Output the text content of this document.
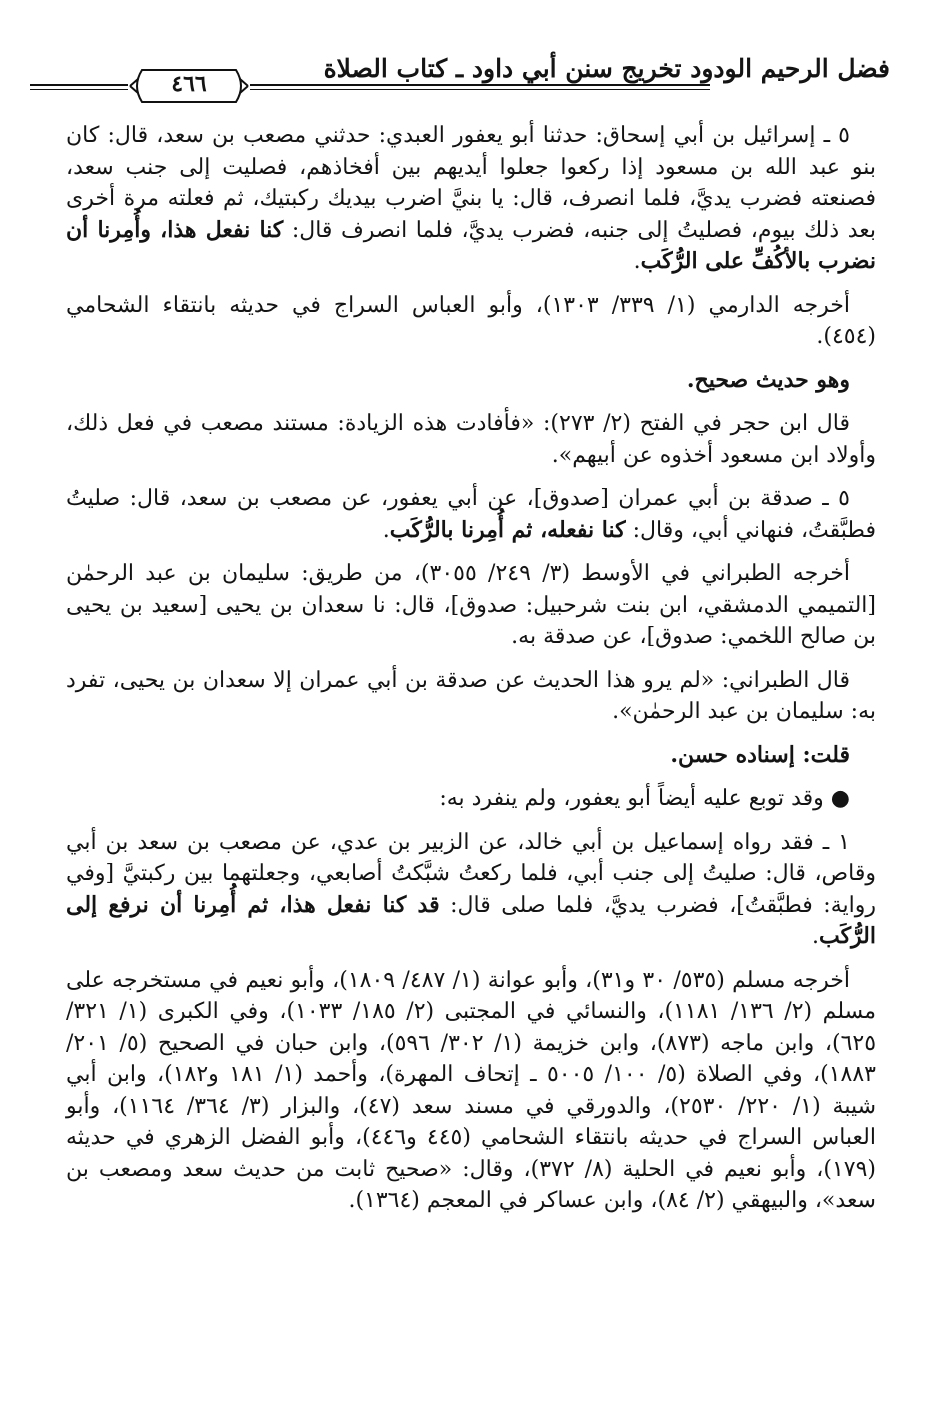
فضل الرحيم الودود تخريج سنن أبي داود ـ كتاب الصلاة
٤٦٦

٥ ـ إسرائيل بن أبي إسحاق: حدثنا أبو يعفور العبدي: حدثني مصعب بن سعد، قال: كان بنو عبد الله بن مسعود إذا ركعوا جعلوا أيديهم بين أفخاذهم، فصليت إلى جنب سعد، فصنعته فضرب يديَّ، فلما انصرف، قال: يا بنيَّ اضرب بيديك ركبتيك، ثم فعلته مرة أخرى بعد ذلك بيوم، فصليتُ إلى جنبه، فضرب يديَّ، فلما انصرف قال: كنا نفعل هذا، وأُمِرنا أن نضرب بالأكُفِّ على الرُّكَب.

أخرجه الدارمي (١/ ٣٣٩/ ١٣٠٣)، وأبو العباس السراج في حديثه بانتقاء الشحامي (٤٥٤).

وهو حديث صحيح.

قال ابن حجر في الفتح (٢/ ٢٧٣): «فأفادت هذه الزيادة: مستند مصعب في فعل ذلك، وأولاد ابن مسعود أخذوه عن أبيهم».

٥ ـ صدقة بن أبي عمران [صدوق]، عن أبي يعفور، عن مصعب بن سعد، قال: صليتُ فطبَّقتُ، فنهاني أبي، وقال: كنا نفعله، ثم أُمِرنا بالرُّكَب.

أخرجه الطبراني في الأوسط (٣/ ٢٤٩/ ٣٠٥٥)، من طريق: سليمان بن عبد الرحمٰن [التميمي الدمشقي، ابن بنت شرحبيل: صدوق]، قال: نا سعدان بن يحيى [سعيد بن يحيى بن صالح اللخمي: صدوق]، عن صدقة به.

قال الطبراني: «لم يرو هذا الحديث عن صدقة بن أبي عمران إلا سعدان بن يحيى، تفرد به: سليمان بن عبد الرحمٰن».

قلت: إسناده حسن.

● وقد توبع عليه أيضاً أبو يعفور، ولم ينفرد به:

١ ـ فقد رواه إسماعيل بن أبي خالد، عن الزبير بن عدي، عن مصعب بن سعد بن أبي وقاص، قال: صليتُ إلى جنب أبي، فلما ركعتُ شبَّكتُ أصابعي، وجعلتهما بين ركبتيَّ [وفي رواية: فطبَّقتُ]، فضرب يديَّ، فلما صلى قال: قد كنا نفعل هذا، ثم أُمِرنا أن نرفع إلى الرُّكَب.

أخرجه مسلم (٥٣٥/ ٣٠ و٣١)، وأبو عوانة (١/ ٤٨٧/ ١٨٠٩)، وأبو نعيم في مستخرجه على مسلم (٢/ ١٣٦/ ١١٨١)، والنسائي في المجتبى (٢/ ١٨٥/ ١٠٣٣)، وفي الكبرى (١/ ٣٢١/ ٦٢٥)، وابن ماجه (٨٧٣)، وابن خزيمة (١/ ٣٠٢/ ٥٩٦)، وابن حبان في الصحيح (٥/ ٢٠١/ ١٨٨٣)، وفي الصلاة (٥/ ١٠٠/ ٥٠٠٥ ـ إتحاف المهرة)، وأحمد (١/ ١٨١ و١٨٢)، وابن أبي شيبة (١/ ٢٢٠/ ٢٥٣٠)، والدورقي في مسند سعد (٤٧)، والبزار (٣/ ٣٦٤/ ١١٦٤)، وأبو العباس السراج في حديثه بانتقاء الشحامي (٤٤٥ و٤٤٦)، وأبو الفضل الزهري في حديثه (١٧٩)، وأبو نعيم في الحلية (٨/ ٣٧٢)، وقال: «صحيح ثابت من حديث سعد ومصعب بن سعد»، والبيهقي (٢/ ٨٤)، وابن عساكر في المعجم (١٣٦٤).
